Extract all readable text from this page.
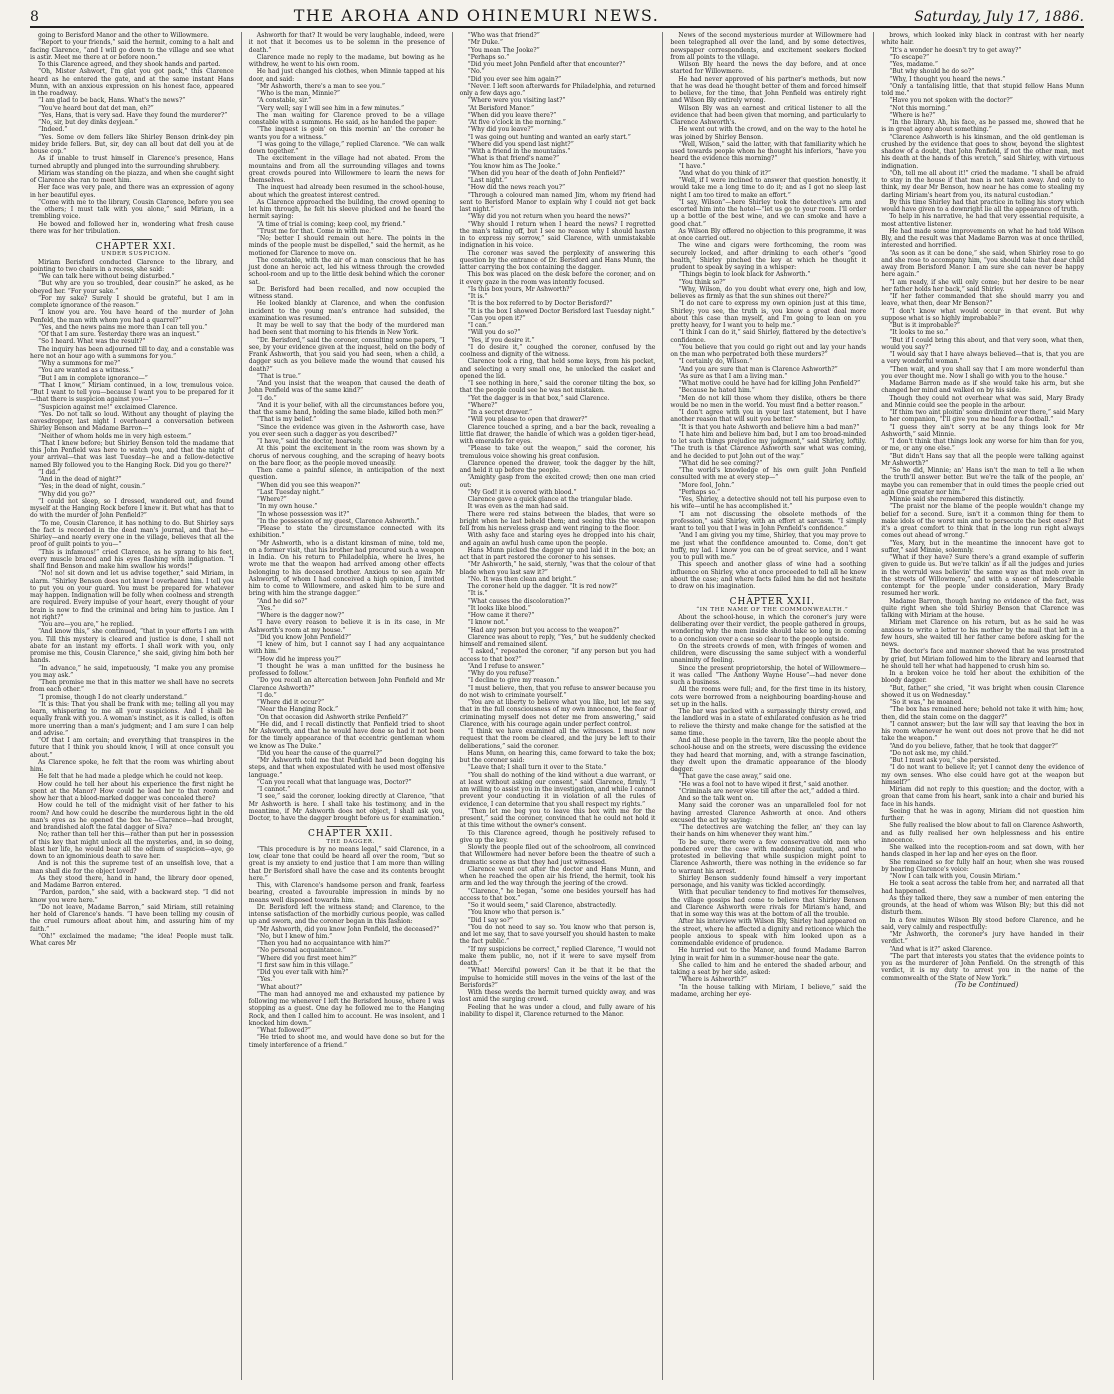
8	THE AROHA AND OHINEMURI NEWS.	Saturday, July 17, 1886.

going to Berisford Manor and the other to Willowmere.

“Report to your friends,” said the hermit, coming to a halt and facing Clarence, “and I will go down to the village and see what is astir. Meet me there at or before noon.”

To this Clarence agreed, and they shook hands and parted.

“Oh, Mister Ashwort, I'm glat you got pack,” this Clarence heard as he entered the gate, and at the same instant Hans Munn, with an anxious expression on his honest face, appeared in the roadway.

“I am glad to be back, Hans. What's the news?”

“You've heard bout dat det man, eh?”

“Yes, Hans, that is very sad. Have they found the murderer?”

“No, sir, but dey dinks deyjean.”

“Indeed.”

“Yes. Some ov dem fellers like Shirley Benson drink-dey pin midey bride fellers. But, sir, dey can all bout dat dell you at de house cop.”

As if unable to trust himself in Clarence's presence, Hans turned abruptly and plunged into the surrounding shrubbery.

Miriam was standing on the piazza, and when she caught sight of Clarence she ran to meet him.

Her face was very pale, and there was an expression of agony in her beautiful eyes.

“Come with me to the library, Cousin Clarence, before you see the others; I must talk with you alone,” said Miriam, in a trembling voice.

He bowed and followed her in, wondering what fresh cause there was for her tribulation.

CHAPTER XXI.

UNDER SUSPICION.

Miriam Berisford conducted Clarence to the library, and pointing to two chairs in a recess, she said:

“We can talk here without being disturbed.”

“But why are you so troubled, dear cousin?” he asked, as he obeyed her. “For your sake.”

“For my sake? Surely I should be grateful, but I am in complete ignorance of the reason.”

“I know you are. You have heard of the murder of John Penfeld, the man with whom you had a quarrel?”

“Yes, and the news pains me more than I can tell you.”

“Of that I am sure. Yesterday there was an inquest.”

“So I heard. What was the result?”

The inquiry has been adjourned till to day, and a constable was here not an hour ago with a summons for you.”

“Why a summons for me?”

“You are wanted as a witness.”

“But I am in complete ignorance—”

“That I know,” Miriam continued, in a low, tremulous voice. “But I want to tell you—because I want you to be prepared for it—that there is suspicion against you—”

“Suspicion against me!” exclaimed Clarence.

“Yes. Do not talk so loud. Without any thought of playing the eavesdropper, last night I overheard a conversation between Shirley Benson and Madame Barron—”

“Neither of whom holds me in very high esteem.”

“That I knew before; but Shirley Benson told the madame that this John Penfield was here to watch you, and that the night of your arrival—that was last Tuesday—he and a fellow-detective named Bly followed you to the Hanging Rock. Did you go there?”

“I did.”

“And in the dead of night?”

“Yes; in the dead of night, cousin.”

“Why did you go?”

“I could not sleep, so I dressed, wandered out, and found myself at the Hanging Rock before I knew it. But what has that to do with the murder of John Penfield?”

“To me, Cousin Clarence, it has nothing to do. But Shirley says the fact is recorded in the dead man's journal, and that he—Shirley—and nearly every one in the village, believes that all the proof of guilt points to you—”

“This is infamous!” cried Clarence, as he sprang to his feet, every muscle braced and his eyes flashing with indignation. “I shall find Benson and make him swallow his words!”

“No! no! sit down and let us advise together,” said Miriam, in alarm. “Shirley Benson does not know I overheard him. I tell you to put you on your guard. You must be prepared for whatever may happen. Indignation will be folly when coolness and strength are required. Every impulse of your heart, every thought of your brain is now to find the criminal and bring him to justice. Am I not right?”

“You are—you are,” he replied.

“And know this,” she continued, “that in your efforts I am with you. Till this mystery is cleared and justice is done, I shall not abate for an instant my efforts. I shall work with you, only promise me this, Cousin Clarence,” she said, giving him both her hands.

“In advance,” he said, impetuously, “I make you any promise you may ask.”

“Then promise me that in this matter we shall have no secrets from each other.”

“I promise, though I do not clearly understand.”

“It is this: That you shall be frank with me; telling all you may learn, whispering to me all your suspicions. And I shall be equally frank with you. A woman's instinct, as it is called, is often more unerring than a man's judgment; and I am sure I can help and advise.”

“Of that I am certain; and everything that transpires in the future that I think you should know, I will at once consult you about.”

As Clarence spoke, he felt that the room was whirling about him.

He felt that he had made a pledge which he could not keep.

How could he tell her about his experience the first night he spent at the Manor? How could he lead her to that room and show her that a blood-marked dagger was concealed there?

How could he tell of the midnight visit of her father to his room? And how could he describe the murderous light in the old man's eyes as he opened the box he—Clarence—had brought, and brandished aloft the fatal dagger of Siva?

No; rather than tell her this—rather than put her in possession of this key that might unlock all the mysteries, and, in so doing, blast her life, he would bear all the odium of suspicion—aye, go down to an ignominious death to save her.

And is not this the supreme test of an unselfish love, that a man shall die for the object loved?

As they stood there, hand in hand, the library door opened, and Madame Barron entered.

“Pardon, pardon,” she said, with a backward step. “I did not know you were here.”

“Do not leave, Madame Barron,” said Miriam, still retaining her hold of Clarence's hands. “I have been telling my cousin of the cruel rumours afloat about him, and assuring him of my faith.”

“Oh!” exclaimed the madame; “the idea! People must talk. What cares Mr

Ashworth for that? It would be very laughable, indeed, were it not that it becomes us to be solemn in the presence of death.”

Clarence made no reply to the madame, but bowing as he withdrew, he went to his own room.

He had just changed his clothes, when Minnie tapped at his door, and said:

“Mr Ashworth, there's a man to see you.”

“Who is the man, Minnie?”

“A constable, sir.”

“Very well; say I will see him in a few minutes.”

The man waiting for Clarence proved to be a village constable with a summons. He said, as he handed the paper:

“The inquest is goin' on this mornin' an' the coroner he wants you for a witness.”

“I was going to the village,” replied Clarence. “We can walk down together.”

The excitement in the village had not abated. From the mountains and from all the surrounding villages and towns great crowds poured into Willowmere to learn the news for themselves.

The inquest had already been resumed in the school-house, about which the greatest interest centred.

As Clarence approached the building, the crowd opening to let him through, he felt his sleeve plucked and he heard the hermit saying:

“A time of trial is coming; keep cool, my friend.”

“Trust me for that. Come in with me.”

“No; better I should remain out here. The points in the minds of the people must be dispelled,” said the hermit, as he motioned for Clarence to move on.

The constable, with the air of a man conscious that he has just done an heroic act, led his witness through the crowded school-room and up to the little desk behind which the coroner sat.

Dr. Berisford had been recalled, and now occupied the witness stand.

He looked blankly at Clarence, and when the confusion incident to the young man's entrance had subsided, the examination was resumed.

It may be well to say that the body of the murdered man had been sent that morning to his friends in New York.

“Dr. Berisford,” said the coroner, consulting some papers, “I see, by your evidence given at the inquest, held on the body of Frank Ashworth, that you said you had seen, when a child, a dagger such as you believe made the wound that caused his death?”

“That is true.”

“And you insist that the weapon that caused the death of John Penfield was of the same kind?”

“I do.”

“And it is your belief, with all the circumstances before you, that the same hand, holding the same blade, killed both men?”

“That is my belief.”

“Since the evidence was given in the Ashworth case, have you ever seen such a dagger as you described?”

“I have,” said the doctor, hoarsely.

At this point the excitement in the room was shown by a chorus of nervous coughing, and the scraping of heavy boots on the bare floor, as the people moved uneasily.

Then came a painful silence, in anticipation of the next question.

“When did you see this weapon?”

“Last Tuesday night.”

“Where?”

“In my own house.”

“In whose possession was it?”

“In the possession of my guest, Clarence Ashworth.”

“Please to state the circumstance connected with its exhibition.”

“Mr Ashworth, who is a distant kinsman of mine, told me, on a former visit, that his brother had procured such a weapon in India. On his return to Philadelphia, where he lives, he wrote me that the weapon had arrived among other effects belonging to his deceased brother. Anxious to see again Mr Ashworth, of whom I had conceived a high opinion, I invited him to come to Willowmere, and asked him to be sure and bring with him the strange dagger.”

“And he did so?”

“Yes.”

“Where is the dagger now?”

“I have every reason to believe it is in its case, in Mr Ashworth's room at my house.”

“Did you know John Penfield?”

“I knew of him, but I cannot say I had any acquaintance with him.”

“How did he impress you?”

“I thought he was a man unfitted for the business he professed to follow.”

“Do you recall an altercation between John Penfield and Mr Clarence Ashworth?”

“I do.”

“Where did it occur?”

“Near the Hanging Rock.”

“On that occasion did Ashworth strike Penfield?”

“He did, and I recall distinctly that Penfield tried to shoot Mr Ashworth, and that he would have done so had it not been for the timely appearance of that eccentric gentleman whom we know as The Duke.”

“Did you hear the cause of the quarrel?”

“Mr Ashworth told me that Penfield had been dogging his steps, and that when expostulated with he used most offensive language.”

“Can you recall what that language was, Doctor?”

“I cannot.”

“I see,” said the coroner, looking directly at Clarence, “that Mr Ashworth is here. I shall take his testimony, and in the meantime, if Mr Ashworth does not object, I shall ask you, Doctor, to have the dagger brought before us for examination.”

CHAPTER XXII.

THE DAGGER.

“This procedure is by no means legal,” said Clarence, in a low, clear tone that could be heard all over the room, “but so great is my anxiety to end justice that I am more than willing that Dr Berisford shall have the case and its contents brought here.”

This, with Clarence's handsome person and frank, fearless bearing, created a favourable impression in minds by no means well disposed towards him.

Dr. Berisford left the witness stand; and Clarence, to the intense satisfaction of the morbidly curious people, was called up and sworn, and the coroner began in this fashion:

“Mr Ashworth, did you know John Penfield, the deceased?”

“No, but I knew of him.”

“Then you had no acquaintance with him?”

“No personal acquaintance.”

“Where did you first meet him?”

“I first saw him in this village.”

“Did you ever talk with him?”

“Yes.”

“What about?”

“The man had annoyed me and exhausted my patience by following me whenever I left the Berisford house, where I was stopping as a guest. One day he followed me to the Hanging Rock, and then I called him to account. He was insolent, and I knocked him down.”

“What followed?”

“He tried to shoot me, and would have done so but for the timely interference of a friend.”

“Who was that friend?”

“Mr Duke.”

“You mean The Jooke?”

“Perhaps so.”

“Did you meet John Penfield after that encounter?”

“No.”

“Did you ever see him again?”

“Never. I left soon afterwards for Philadelphia, and returned only a few days ago.”

“Where were you visiting last?”

“At Berisford Manor.”

“When did you leave there?”

“At five o'clock in the morning.”

“Why did you leave?”

“I was going out hunting and wanted an early start.”

“Where did you spend last night?”

“With a friend in the mountains.”

“What is that friend's name?”

“You know him as The Jooke.”

“When did you hear of the death of John Penfield?”

“Last night.”

“How did the news reach you?”

“Through a coloured man named Jim, whom my friend had sent to Berisford Manor to explain why I could not get back last night.”

“Why did you not return when you heard the news?”

“Why should I return when I heard the news? I regretted the man's taking off, but I see no reason why I should hasten in to express my sorrow,” said Clarence, with unmistakable indignation in his voice.

The coroner was saved the perplexity of answering this question by the entrance of Dr. Berisford and Hans Munn, the latter carrying the box containing the dagger.

This box was placed on the desk before the coroner, and on it every gaze in the room was intently focused.

“Is this box yours, Mr Ashworth?”

“It is.”

“It is the box referred to by Doctor Berisford?”

“It is the box I showed Doctor Berisford last Tuesday night.”

“Can you open it?”

“I can.”

“Will you do so?”

“Yes, if you desire it.”

“I do desire it,” coughed the coroner, confused by the coolness and dignity of the witness.

Clarence took a ring, that held some keys, from his pocket, and selecting a very small one, he unlocked the casket and opened the lid.

“I see nothing in here,” said the coroner tilting the box, so that the people could see he was not mistaken.

“Yet the dagger is in that box,” said Clarence.

“Where?”

“In a secret drawer.”

“Will you please to open that drawer?”

Clarence touched a spring, and a bar the back, revealing a little flat drawer, the handle of which was a golden tiger-head, with emeralds for eyes.

“Please to take out the weapon,” said the coroner, his tremulous voice showing his great confusion.

Clarence opened the drawer, took the dagger by the hilt, and held it up before the people.

“Amighty gasp from the excited crowd; then one man cried out:

“My God! it is covered with blood.”

Clarence gave a quick glance at the triangular blade.

It was even as the man had said.

There were red stains between the blades, that were so bright when he last beheld them; and seeing this the weapon fell from his nerveless grasp and went ringing to the floor.

With ashy face and staring eyes he dropped into his chair, and again an awful hush came upon the people.

Hans Munn picked the dagger up and laid it in the box; an act that in part restored the coroner to his senses.

“Mr Ashworth,” he said, sternly, “was that the colour of that blade when you last saw it?”

“No. It was then clean and bright.”

The coroner held up the dagger. “It is red now?”

“It is.”

“What causes the discoloration?”

“It looks like blood.”

“How came it there?”

“I know not.”

“Had any person but you access to the weapon?”

Clarence was about to reply, “Yes,” but he suddenly checked himself and remained silent.

“I asked,” repeated the coroner, “if any person but you had access to that box?”

“And I refuse to answer.”

“Why do you refuse?”

“I decline to give my reason.”

“I must believe, then, that you refuse to answer because you do not wish to criminate yourself.”

“You are at liberty to believe what you like, but let me say, that in the full consciousness of my own innocence, the fear of criminating myself does not deter me from answering,” said Clarence, with his courage again under perfect control.

“I think we have examined all the witnesses. I must now request that the room be cleared, and the jury be left to their deliberations,” said the coroner.

Hans Munn, on hearing this, came forward to take the box; but the coroner said:

“Leave that; I shall turn it over to the State.”

“You shall do nothing of the kind without a due warrant, or at least without asking our consent,” said Clarence, firmly. “I am willing to assist you in the investigation, and while I cannot prevent your conducting it in violation of all the rules of evidence, I can determine that you shall respect my rights.”

“Then let me beg you to leave this box with me for the present,” said the coroner, convinced that he could not hold it at this time without the owner's consent.

To this Clarence agreed, though he positively refused to give up the key.

Slowly the people filed out of the schoolroom, all convinced that Willowmere had never before been the theatre of such a dramatic scene as that they had just witnessed.

Clarence went out after the doctor and Hans Munn, and when he reached the open air his friend, the hermit, took his arm and led the way through the jeering of the crowd.

“Clarence,” he began, “some one besides yourself has had access to that box.”

“So it would seem,” said Clarence, abstractedly.

“You know who that person is.”

“Did I say so?”

“You do not need to say so. You know who that person is, and let me say, that to save yourself you should hasten to make the fact public.”

“If my suspicions be correct,” replied Clarence, “I would not make them public, no, not if it were to save myself from death.”

“What! Merciful powers! Can it be that it be that the impulse to homicide still moves in the veins of the last of the Berisfords?”

With these words the hermit turned quickly away, and was lost amid the surging crowd.

Feeling that he was under a cloud, and fully aware of his inability to dispel it, Clarence returned to the Manor.

News of the second mysterious murder at Willowmere had been telegraphed all over the land, and by some detectives, newspaper correspondents, and excitement seekers flocked from all points to the village.

Wilson Bly heard the news the day before, and at once started for Willowmere.

He had never approved of his partner's methods, but now that he was dead he thought better of them and forced himself to believe, for the time, that John Penfield was entirely right and Wilson Bly entirely wrong.

Wilson Bly was an earnest and critical listener to all the evidence that had been given that morning, and particularly to Clarence Ashworth's.

He went out with the crowd, and on the way to the hotel he was joined by Shirley Benson.

“Well, Wilson,” said the latter, with that familiarity which he used towards people whom he thought his inferiors, “have you heard the evidence this morning?”

“I have.”

“And what do you think of it?”

“Well, if I were inclined to answer that question honestly, it would take me a long time to do it; and as I got no sleep last night I am too tired to make an effort.”

“I say, Wilson”—here Shirley took the detective's arm and escorted him into the hotel—“let us go to your room. I'll order up a bottle of the best wine, and we can smoke and have a good chat.”

As Wilson Bly offered no objection to this programme, it was at once carried out.

The wine and cigars were forthcoming, the room was securely locked, and after drinking to each other's “good health,” Shirley pinched the key at which he thought it prudent to speak by saying in a whisper:

“Things begin to look black for Ashworth.”

“You think so?”

“Why, Wilson, do you doubt what every one, high and low, believes as firmly as that the sun shines out there?”

“I do not care to express my own opinion just at this time, Shirley; you see, the truth is, you know a great deal more about this case than myself, and I'm going to lean on you pretty heavy, for I want you to help me.”

“I think I can do it,” said Shirley, flattered by the detective's confidence.

“You believe that you could go right out and lay your hands on the man who perpetrated both these murders?”

“I certainly do, Wilson.”

“And you are sure that man is Clarence Ashworth?”

“As sure as that I am a living man.”

“What motive could he have had for killing John Penfield?”

“Because he hated him.”

“Men do not kill those whom they dislike, others be there would be no men in the world. You must find a better reason.”

“I don't agree with you in your last statement, but I have another reason that will suit you better.”

“It is that you hate Ashworth and believe him a bad man?”

“I hate him and believe him bad, but I am too broad-minded to let such things prejudice my judgment,” said Shirley, loftily. “The truth is that Clarence Ashworth saw what was coming, and he decided to put John out of the way.”

“What did he see coming?”

“The world's knowledge of his own guilt John Penfield consulted with me at every step—”

“More fool, John.”

“Perhaps so.”

“Yes, Shirley, a detective should not tell his purpose even to his wife—until he has accomplished it.”

“I am not discussing the obsolete methods of the profession,” said Shirley, with an effort at sarcasm. “I simply want to tell you that I was in John Penfield's confidence.”

“And I am giving you my time, Shirley, that you may prove to me just what the confidence amounted to. Come, don't get huffy, my lad. I know you can be of great service, and I want you to pull with me.”

This speech and another glass of wine had a soothing influence on Shirley, who at once proceeded to tell all he knew about the case; and where facts failed him he did not hesitate to draw on his imagination.

CHAPTER XXII.

“IN THE NAME OF THE COMMONWEALTH.”

About the school-house, in which the coroner's jury were deliberating over their verdict, the people gathered in groups, wondering why the men inside should take so long in coming to a conclusion over a case so clear to the people outside.

On the streets crowds of men, with fringes of women and children, were discussing the same subject with a wonderful unanimity of feeling.

Since the present proprietorship, the hotel of Willowmere—it was called “The Anthony Wayne House”—had never done such a business.

All the rooms were full; and, for the first time in its history, cots were borrowed from a neighbouring boarding-house and set up in the halls.

The bar was packed with a surpassingly thirsty crowd, and the landlord was in a state of exhilarated confusion as he tried to relieve the thirsty and make change for the satisfied at the same time.

And all these people in the tavern, like the people about the school-house and on the streets, were discussing the evidence they had heard that morning, and, with a strange fascination, they dwelt upon the dramatic appearance of the bloody dagger.

“That gave the case away,” said one.

“He was a fool not to have wiped it first,” said another.

“Criminals are never wise till after the act,” added a third.

And so the talk went on.

Many said the coroner was an unparalleled fool for not having arrested Clarence Ashworth at once. And others excused the act by saying:

“The detectives are watching the feller, an' they can lay their hands on him whenever they want him.”

To be sure, there were a few conservative old men who pondered over the case with maddening caution, and who protested in believing that while suspicion might point to Clarence Ashworth, there was nothing in the evidence so far to warrant his arrest.

Shirley Benson suddenly found himself a very important personage, and his vanity was tickled accordingly.

With that peculiar tendency to find motives for themselves, the village gossips had come to believe that Shirley Benson and Clarence Ashworth were rivals for Miriam's hand, and that in some way this was at the bottom of all the trouble.

After his interview with Wilson Bly, Shirley had appeared on the street, where he affected a dignity and reticence which the people anxious to speak with him looked upon as a commendable evidence of prudence.

He hurried out to the Manor, and found Madame Barron lying in wait for him in a summer-house near the gate.

She called to him and he entered the shaded arbour, and taking a seat by her side, asked:

“Where is Ashworth?”

“In the house talking with Miriam, I believe,” said the madame, arching her eye-

brows, which looked inky black in contrast with her nearly white hair.

“It's a wonder he doesn't try to get away?”

“To escape?”

“Yes, madame.”

“But why should he do so?”

“Why, I thought you heard the news.”

“Only a tantalising little, that that stupid fellow Hans Munn told me.”

“Have you not spoken with the doctor?”

“Not this morning.”

“Where is he?”

“In the library. Ah, his face, as he passed me, showed that he is in great agony about something.”

“Clarence Ashworth is his kinsman, and the old gentleman is crushed by the evidence that goes to show, beyond the slightest shadow of a doubt, that John Penfield, if not the other man, met his death at the hands of this wretch,” said Shirley, with virtuous indignation.

“Oh, tell me all about it!” cried the madame. “I shall be afraid to stay in the house if that man is not taken away. And only to think, my dear Mr Benson, how near he has come to stealing my darling Miriam's heart from you, its natural custodian.”

By this time Shirley had that practice in telling his story which would have given to a downright lie all the appearance of truth.

To help in his narrative, he had that very essential requisite, a most attentive listener.

He had made some improvements on what he had told Wilson Bly, and the result was that Madame Barron was at once thrilled, interested and horrified.

“As soon as it can be done,” she said, when Shirley rose to go and she rose to accompany him, “you should take that dear child away from Berisford Manor. I am sure she can never be happy here again.”

“I am ready, if she will only come; but her desire to be near her father holds her back,” said Shirley.

“If her father commanded that she should marry you and leave, what then, dear Mr Benson?”

“I don't know what would occur in that event. But why suppose what is so highly improbable?”

“But is it improbable?”

“It looks to me so.”

“But if I could bring this about, and that very soon, what then, would you say?”

“I would say that I have always believed—that is, that you are a very wonderful woman.”

“Then wait, and you shall say that I am more wonderful than you ever thought me. Now I shall go with you to the house.”

Madame Barron made as if she would take his arm, but she changed her mind and walked on by his side.

Though they could not overhear what was said, Mary Brady and Minnie could see the people in the arbour.

“If thim two aint ploitin' some divilmint over there,” said Mary to her companion, “I'll give you me head for a football.”

“I guess they ain't sorry at be any things look for Mr Ashworth,” said Minnie.

“I don't think that things look any worse for him than for you, or me, or any one else.”

“But didn't Hans say that all the people were talking against Mr Ashworth?”

“So he did, Minnie; an' Hans isn't the man to tell a lie when the truth'll answer better. But we're the talk of the people, an' maybe you can remember that in ould times the people cried out agin One greater nor him.”

Minnie said she remembered this distinctly.

“The praist nor the blame of the people wouldn't change my belief for a second. Sure, isn't it a common thing for them to make idols of the worst min and to persecute the best ones? But it's a great comfort to think that in the long run right always comes out ahead of wrong.”

“Yes, Mary, but in the meantime the innocent have got to suffer,” said Minnie, solemnly.

“What if they have? Sure there's a grand example of sufferin given to guide us. But we're talkin' as if all the judges and juries in the worruld was believin' the same way as that mob over in the streets of Willowmere,” and with a sneer of indescribable contempt for the people under consideration, Mary Brady resumed her work.

Madame Barron, though having no evidence of the fact, was quite right when she told Shirley Benson that Clarence was talking with Miriam at the house.

Miriam met Clarence on his return, but as he said he was anxious to write a letter to his mother by the mail that left in a few hours, she waited till her father came before asking for the news.

The doctor's face and manner showed that he was prostrated by grief, but Miriam followed him to the library and learned that he should tell her what had happened to crush him so.

In a broken voice he told her about the exhibition of the bloody dagger.

“But, father,” she cried, “it was bright when cousin Clarence showed it us on Wednesday.”

“So it was,” he moaned.

“The box has remained here; behold not take it with him; how, then, did the stain come on the dagger?”

“I cannot answer; but the law will say that leaving the box in his room whenever he went out does not prove that he did not take the weapon.”

“And do you believe, father, that he took that dagger?”

“Do not ask me, my child.”

“But I must ask you,” she persisted.

“I do not want to believe it; yet I cannot deny the evidence of my own senses. Who else could have got at the weapon but himself?”

Miriam did not reply to this question; and the doctor, with a groan that came from his heart, sank into a chair and buried his face in his hands.

Seeing that he was in agony, Miriam did not question him further.

She fully realised the blow about to fall on Clarence Ashworth, and as fully realised her own helplessness and his entire innocence.

She walked into the reception-room and sat down, with her hands clasped in her lap and her eyes on the floor.

She remained so for fully half an hour, when she was roused by hearing Clarence's voice:

“Now I can talk with you, Cousin Miriam.”

He took a seat across the table from her, and narrated all that had happened.

As they talked there, they saw a number of men entering the grounds, at the head of whom was Wilson Bly; but this did not disturb them.

In a few minutes Wilson Bly stood before Clarence, and he said, very calmly and respectfully:

“Mr Ashworth, the coroner's jury have handed in their verdict.”

“And what is it?” asked Clarence.

“The part that interests you states that the evidence points to you as the murderer of John Penfield. On the strength of this verdict, it is my duty to arrest you in the name of the commonwealth of the State of New York.”

(To be Continued)
